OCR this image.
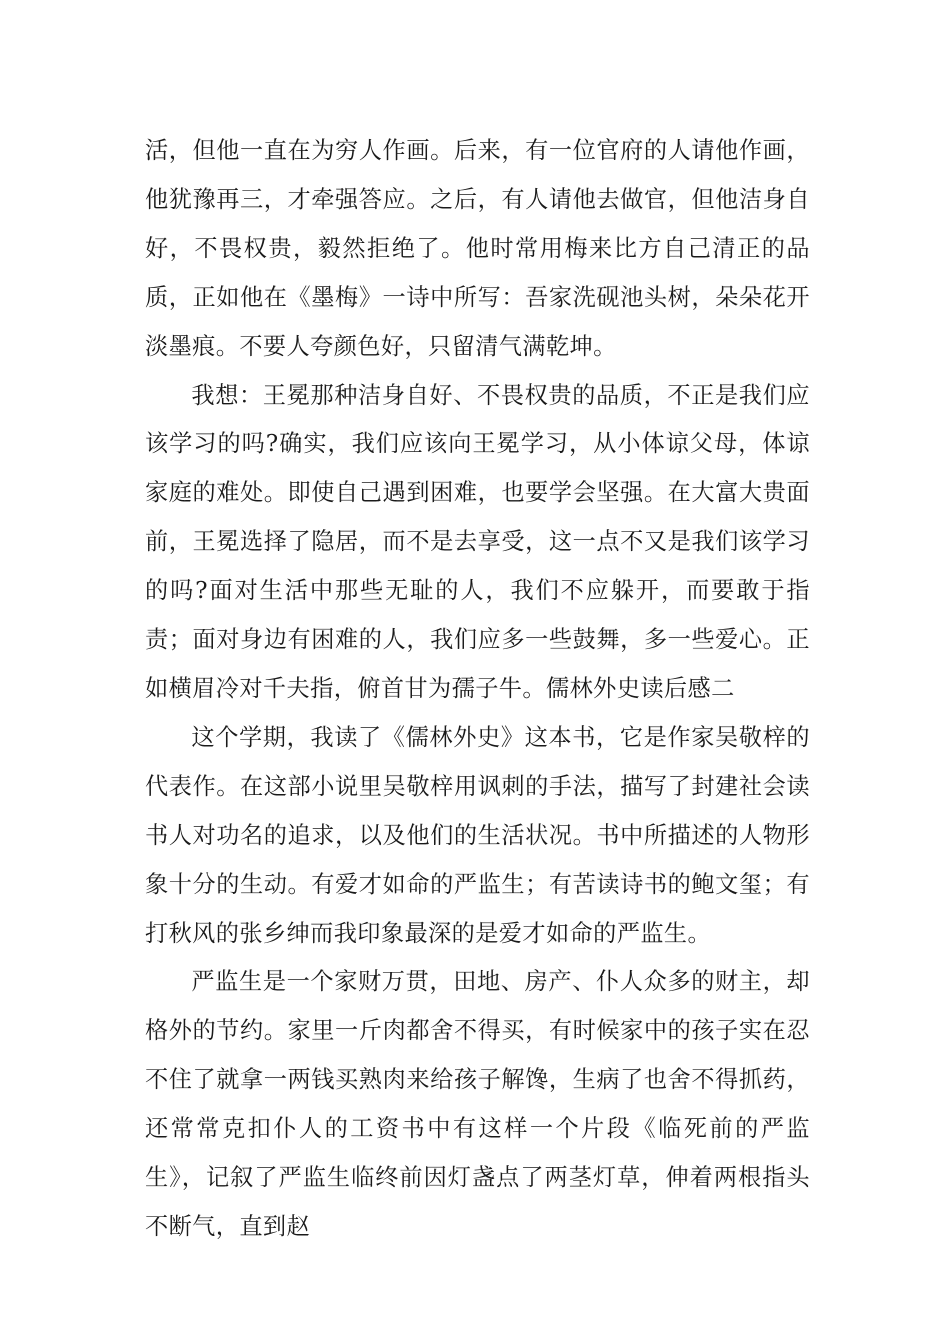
活，但他一直在为穷人作画。后来，有一位官府的人请他作画，他犹豫再三，才牵强答应。之后，有人请他去做官，但他洁身自好，不畏权贵，毅然拒绝了。他时常用梅来比方自己清正的品质，正如他在《墨梅》一诗中所写：吾家洗砚池头树，朵朵花开淡墨痕。不要人夸颜色好，只留清气满乾坤。

我想：王冕那种洁身自好、不畏权贵的品质，不正是我们应该学习的吗?确实，我们应该向王冕学习，从小体谅父母，体谅家庭的难处。即使自己遇到困难，也要学会坚强。在大富大贵面前，王冕选择了隐居，而不是去享受，这一点不又是我们该学习的吗?面对生活中那些无耻的人，我们不应躲开，而要敢于指责；面对身边有困难的人，我们应多一些鼓舞，多一些爱心。正如横眉冷对千夫指，俯首甘为孺子牛。儒林外史读后感二

这个学期，我读了《儒林外史》这本书，它是作家吴敬梓的代表作。在这部小说里吴敬梓用讽刺的手法，描写了封建社会读书人对功名的追求，以及他们的生活状况。书中所描述的人物形象十分的生动。有爱才如命的严监生；有苦读诗书的鲍文玺；有打秋风的张乡绅而我印象最深的是爱才如命的严监生。

严监生是一个家财万贯，田地、房产、仆人众多的财主，却格外的节约。家里一斤肉都舍不得买，有时候家中的孩子实在忍不住了就拿一两钱买熟肉来给孩子解馋，生病了也舍不得抓药，还常常克扣仆人的工资书中有这样一个片段《临死前的严监生》，记叙了严监生临终前因灯盏点了两茎灯草，伸着两根指头不断气，直到赵
